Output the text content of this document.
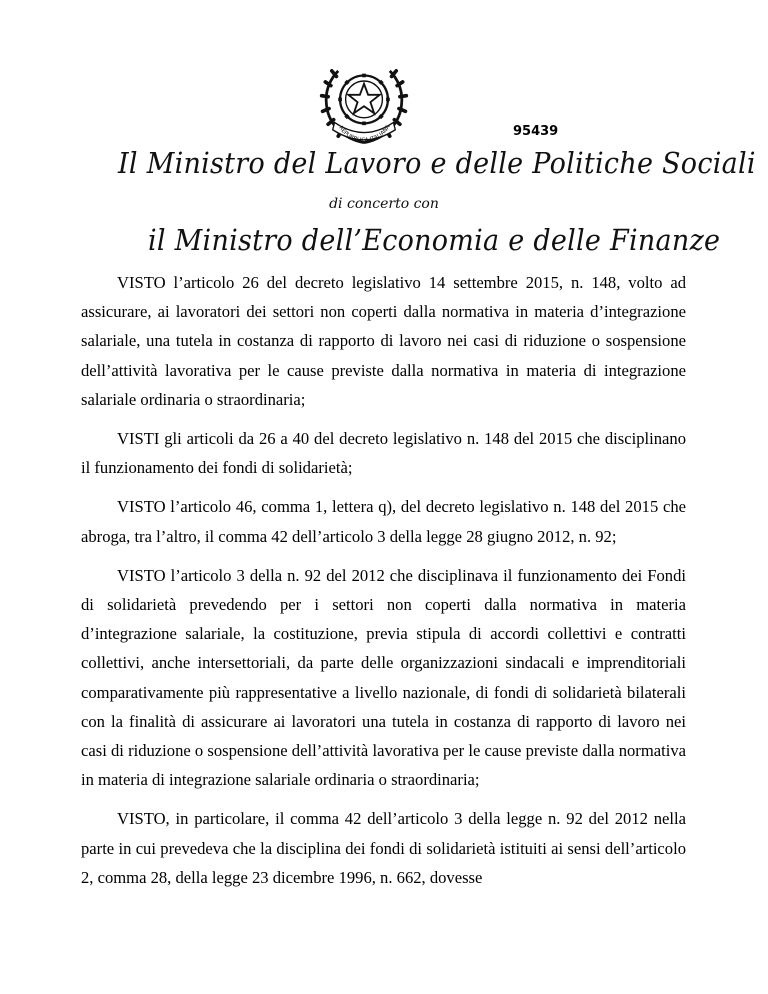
REPUBBLICA ITALIANA	95439
Il Ministro del Lavoro e delle Politiche Sociali
di concerto con
il Ministro dell’Economia e delle Finanze

VISTO l’articolo 26 del decreto legislativo 14 settembre 2015, n. 148, volto ad assicurare, ai lavoratori dei settori non coperti dalla normativa in materia d’integrazione salariale, una tutela in costanza di rapporto di lavoro nei casi di riduzione o sospensione dell’attività lavorativa per le cause previste dalla normativa in materia di integrazione salariale ordinaria o straordinaria;

VISTI gli articoli da 26 a 40 del decreto legislativo n. 148 del 2015 che disciplinano il funzionamento dei fondi di solidarietà;

VISTO l’articolo 46, comma 1, lettera q), del decreto legislativo n. 148 del 2015 che abroga, tra l’altro, il comma 42 dell’articolo 3 della legge 28 giugno 2012, n. 92;

VISTO l’articolo 3 della n. 92 del 2012 che disciplinava il funzionamento dei Fondi di solidarietà prevedendo per i settori non coperti dalla normativa in materia d’integrazione salariale, la costituzione, previa stipula di accordi collettivi e contratti collettivi, anche intersettoriali, da parte delle organizzazioni sindacali e imprenditoriali comparativamente più rappresentative a livello nazionale, di fondi di solidarietà bilaterali con la finalità di assicurare ai lavoratori una tutela in costanza di rapporto di lavoro nei casi di riduzione o sospensione dell’attività lavorativa per le cause previste dalla normativa in materia di integrazione salariale ordinaria o straordinaria;

VISTO, in particolare, il comma 42 dell’articolo 3 della legge n. 92 del 2012 nella parte in cui prevedeva che la disciplina dei fondi di solidarietà istituiti ai sensi dell’articolo 2, comma 28, della legge 23 dicembre 1996, n. 662, dovesse
